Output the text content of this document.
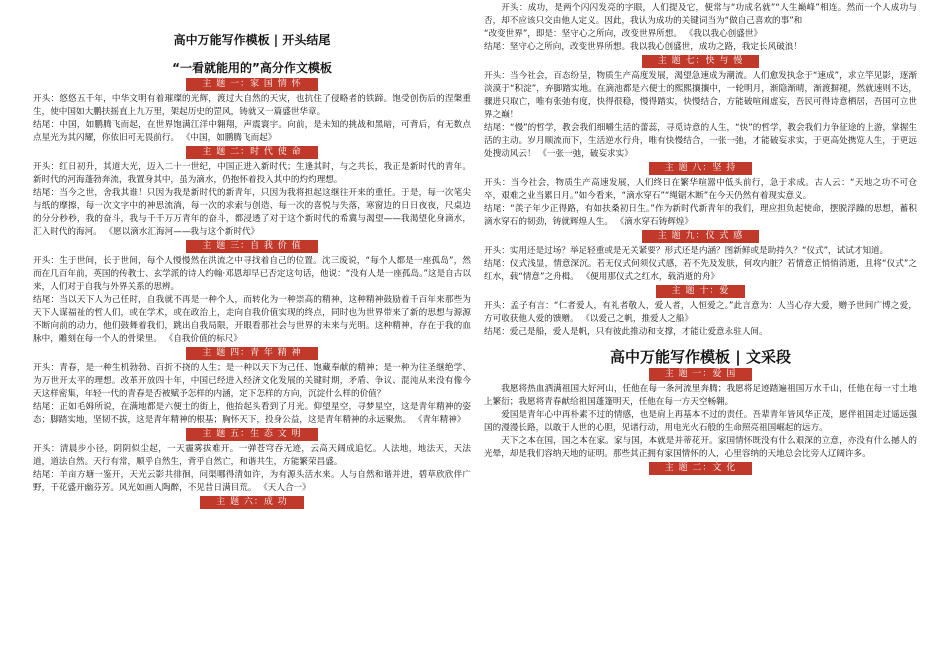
高中万能写作模板 | 开头结尾
“一看就能用的”高分作文模板
主 题 一：家 国 情 怀

开头：悠悠五千年，中华文明有着璀璨的光辉，渡过大自然的天灾，也抗住了侵略者的铁蹄。饱受创伤后的涅槃重生，使中国如大鹏扶摇直上九万里，架起历史的罡风，铸就又一篇盛世华章。

结尾：中国，如鹏腾飞而起，在世界饱满江洋中翱翔，声震寰宇。向前，是未知的挑战和黑暗，可背后，有无数点点星光为其闪耀，你依旧可无畏前行。 《中国，如鹏腾飞而起》

主 题 二：时 代 使 命

开头：红日初升，其道大光，迈入二十一世纪，中国正进入新时代；生逢其时，与之共长，我正是新时代的青年。新时代的河海蓬勃奔流，我置身其中，虽为滴水，仍抱怀着投入其中的灼灼理想。

结尾：当今之世，舍我其谁！只因为我是新时代的新青年，只因为我将担起这继往开来的重任。于是，每一次笔尖与纸的摩擦，每一次文字中的神思流淌，每一次的求索与创造、每一次的喜悦与失落，寒窗边的日日夜夜，尺桌边的分分秒秒，我的奋斗，我与千千万万青年的奋斗，都浸透了对于这个新时代的希冀与渴望——我渴望化身滴水，汇入时代的海河。 《愿以滴水汇海河——我与这个新时代》

主 题 三：自 我 价 值

开头：生于世间，长于世间，每个人慢慢然在洪流之中寻找着自己的位置。沈三废说，“每个人都是一座孤岛”，然而在几百年前，英国的传教士、玄学派的诗人约翰·邓恩却早已否定这句话，他说：“没有人是一座孤岛。”这是自古以来，人们对于自我与外界关系的思辨。

结尾：当以天下人为己任时，自我就不再是一种个人，而转化为一种崇高的精神，这种精神鼓励着千百年来那些为天下人谋福祉的哲人们，或在学术，或在政治上，走向自我价值实现的终点，同时也为世界带来了新的思想与源源不断向前的动力，他们鼓舞着我们，跳出自我局限，开眼看那社会与世界的未来与光明。这种精神，存在于我的血脉中，雕刻在每一个人的骨梁里。 《自我价值的标尺》

主 题 四：青 年 精 神

开头：青春，是一种生机勃勃、百折不挠的人生；是一种以天下为己任、饱藏奉献的精神；是一种为往圣继绝学、为万世开太平的理想。改革开放四十年，中国已经进入经济文化发展的关键时期，矛盾、争议、混沌从来没有像今天这样密集，年轻一代的青春是否被赋予怎样的内涵，定下怎样的方向，沉淀什么样的价值？

结尾：正如毛姆所说，在满地都是六便士的街上，他抬起头看到了月光。仰望星空，寻梦星空，这是青年精神的姿态；脚踏实地，坚韧不拔，这是青年精神的根基；胸怀天下，投身公益，这是青年精神的永远聚焦。 《青年精神》

主 题 五：生 态 文 明

开头：清晨步小径，阴阴似尘起，一天霾雾拔难开。一弹苍穹吞无迹，云高天阔成追忆。人法地，地法天，天法道，道法自然。天行有常，顺乎自然生，背乎自然亡，和谐共生，方能繁荣昌盛。

结尾：羊亩方塘一鉴开，天光云影共徘徊，问渠哪得清如许，为有源头活水来。人与自然和谐并进，碧草欣欣伴广野，千花盛开幽芬芳。风光如画人陶醉，不见昔日满目荒。 《天人合一》

主 题 六：成 功

开头：成功，是两个闪闪发亮的字眼，人们提及它，便常与“功成名就”“人生巅峰”相连。然而一个人成功与否，却不应该只交由他人定义。因此，我认为成功的关键词当为“做自己喜欢的事”和

“改变世界”，即是：坚守心之所向，改变世界所想。 《我以我心创盛世》

结尾：坚守心之所向，改变世界所想。我以我心创盛世，成功之路，我定长风破浪！

主 题 七：快 与 慢

开头：当今社会，百态纷呈，物质生产高度发展，渴望急速成为潮流。人们愈发执念于“速成”，求立竿见影，逐渐淡漠于“积淀”，弃脚踏实地。在滴池都是六便士的熙熙攘攘中，一轮明月，渐隐渐晴，渐渡摒褪，然就速则不达，骤进只取亡，唯有张弛有度，快得很稳，慢得踏实，快慢结合，方能破喧闹虚妄，吾民可得诗意栖居，吾国可立世界之巅！

结尾：“慢”的哲学，教会我们细嚼生活的蕾蕊，寻觅诗意的人生，“快”的哲学，教会我们力争征途的上游，掌握生活的主动。岁月顺流而下，生活逆水行舟，唯有快慢结合，一张一弛，才能破妄求实，于更高处携览人生，于更远处搜动风云！ 《一张一弛，破妄求实》

主 题 八：坚 持

开头：当今社会，物质生产高速发展，人们终日在繁华喧嚣中低头前行，急于求成。古人云：“天地之功不可仓卒，艰难之业当累日月。”如今看来，“滴水穿石”“绳锯木断”在今天仍然有着现实意义。

结尾：“羡子年少正得路，有如扶桑初日生。”作为新时代新青年的我们，理应担负起使命，摆脱浮躁的思想，蓄积滴水穿石的韧劲，铸就辉煌人生。 《滴水穿石铸辉煌》

主 题 九：仪 式 感

开头：实用还是过场？举足轻重或是无关紧要？形式还是内涵？图新鲜或是助持久？“仪式”，试试才知道。

结尾：仪式浅显，情意深沉。若无仪式何须仪式感，若不先及发肤，何攻内脏？若情意正悄悄消逝，且将“仪式”之红水，载“情意”之舟楫。 《便用那仪式之红水，载消逝的舟》

主 题 十：爱

开头：孟子有言：“仁者爱人，有礼者敬人，爱人者，人恒爱之。”此言意为：人当心存大爱，赠予世间广博之爱，方可收获他人爱的馈赠。 《以爱己之帆，推爱人之船》

结尾：爱己是船，爱人是帆，只有彼此推动和支撑，才能让爱意永驻人间。

高中万能写作模板 | 文采段
主 题 一：爱 国

我愿将热血洒满祖国大好河山，任他在每一条河流里奔腾；我愿将足迹踏遍祖国万水千山，任他在每一寸土地上繁衍；我愿将青春献给祖国蓬篷明天，任他在每一方天空畅翱。

爱国是青年心中再朴素不过的情感，也是肩上再基本不过的责任。吾辈青年皆风华正茂，愿伴祖国走过遥远强国的漫漫长路，以敢于人世的心胆，见诸行动，用电光火石般的生命照亮祖国崛起的远方。

天下之本在国，国之本在家。家与国，本就是并蒂花开。家国情怀既没有什么艰深的立意，亦没有什么撼人的光晕，却是我们容纳天地的证明。那些其正拥有家国情怀的人，心里容纳的天地总会比旁人辽阔许多。

主 题 二：文 化
